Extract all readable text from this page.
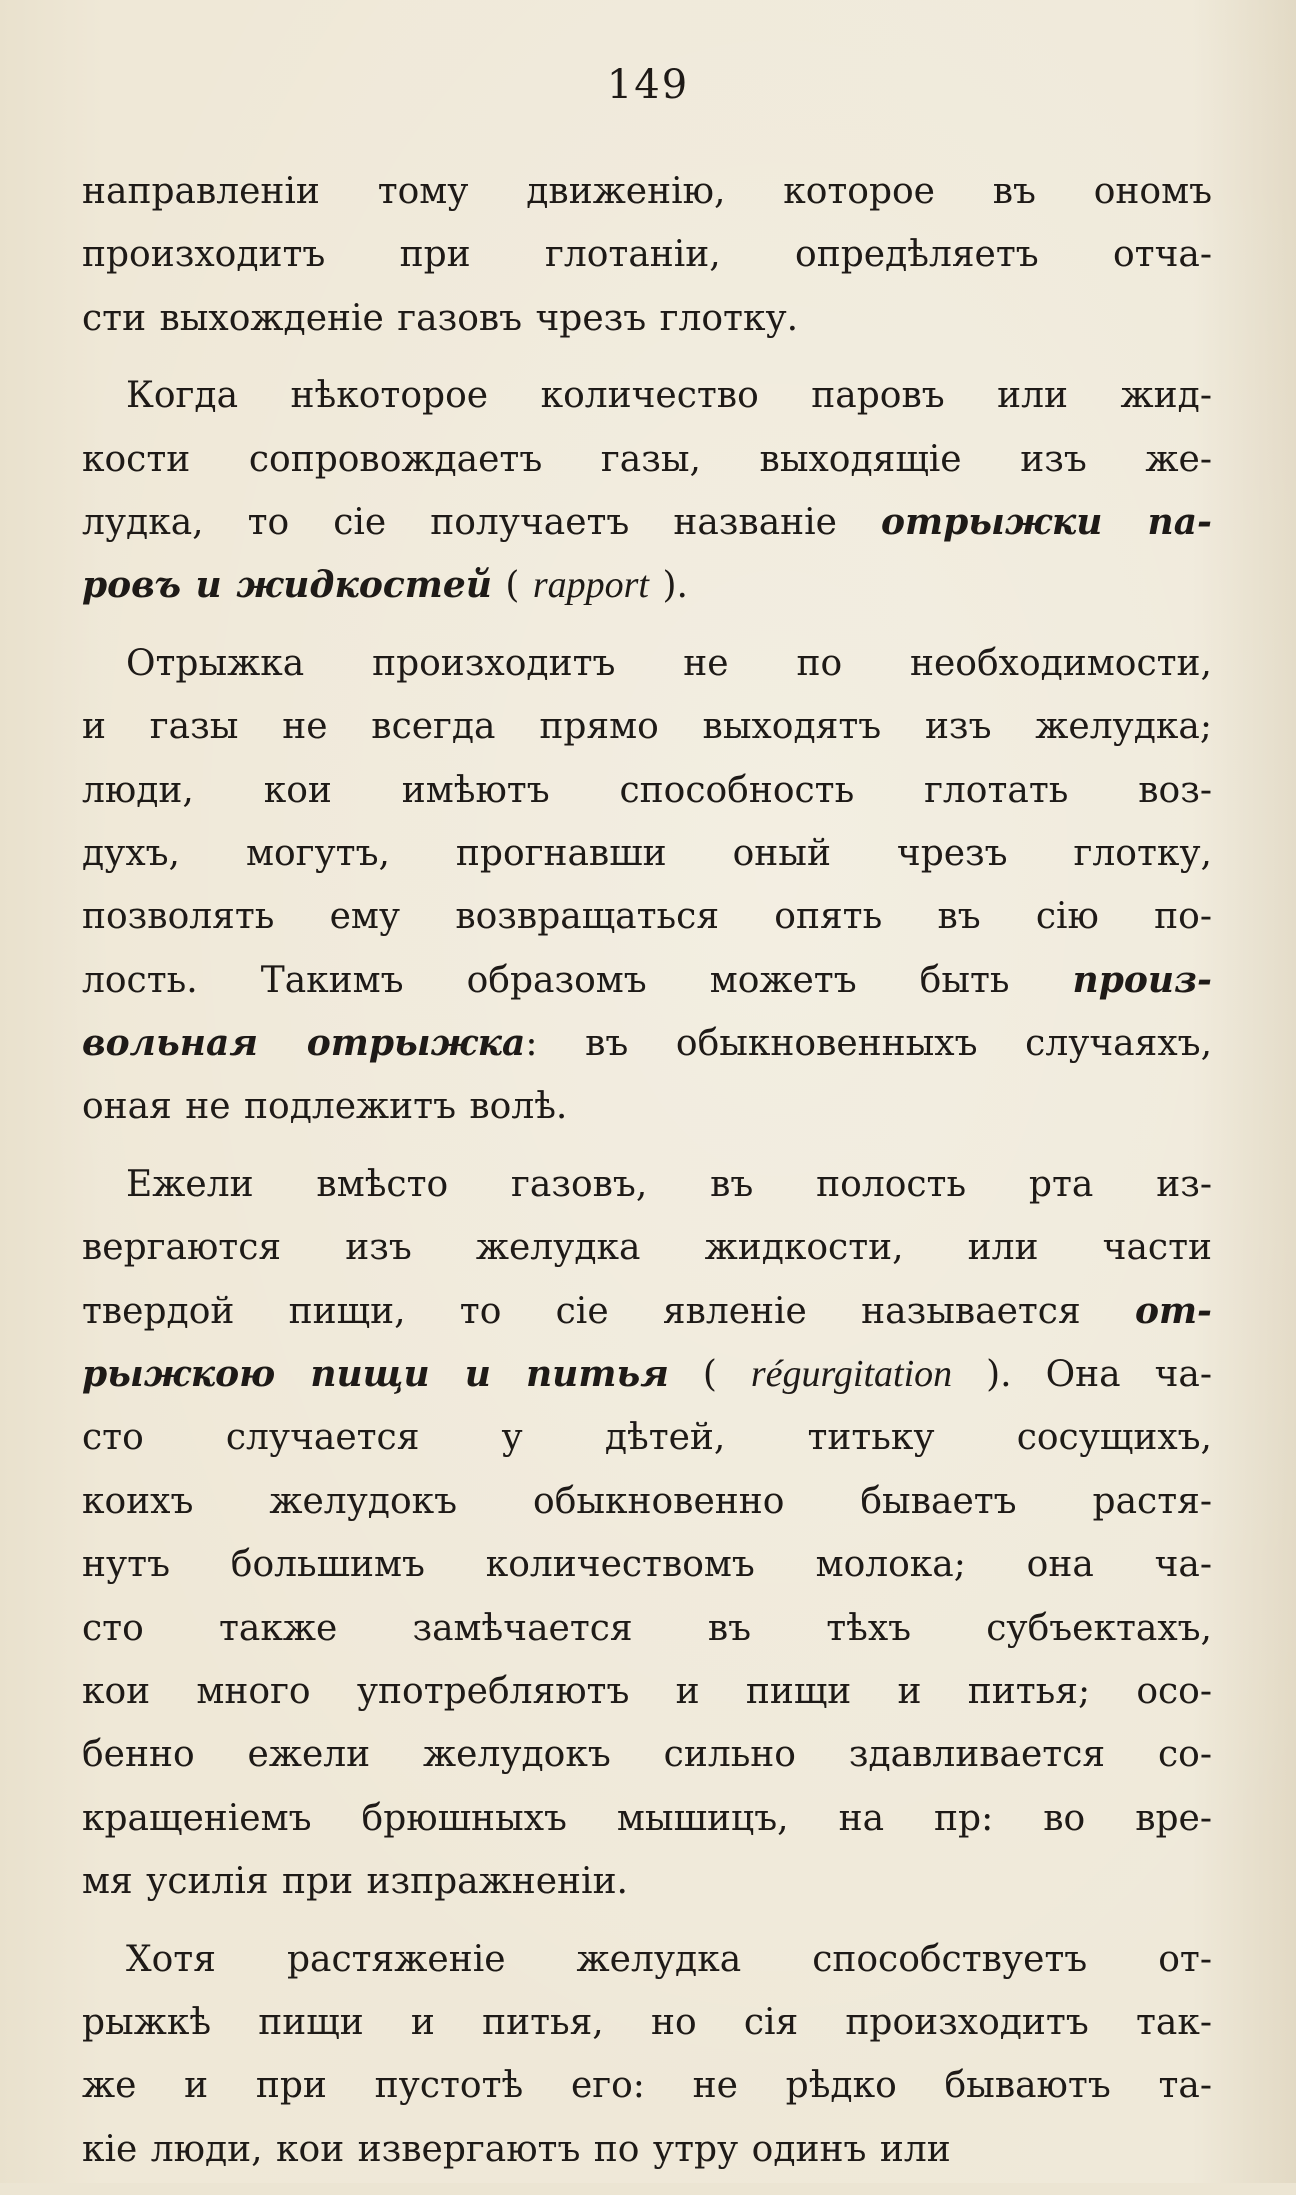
149
направленіи тому движенію, которое въ ономъ
произходитъ при глотаніи, опредѣляетъ отча-
сти выхожденіе газовъ чрезъ глотку.
Когда нѣкоторое количество паровъ или жид-
кости сопровождаетъ газы, выходящіе изъ же-
лудка, то сіе получаетъ названіе отрыжки па-
ровъ и жидкостей ( rapport ).
Отрыжка произходитъ не по необходимости,
и газы не всегда прямо выходятъ изъ желудка;
люди, кои имѣютъ способность глотать воз-
духъ, могутъ, прогнавши оный чрезъ глотку,
позволять ему возвращаться опять въ сію по-
лость. Такимъ образомъ можетъ быть произ-
вольная отрыжка: въ обыкновенныхъ случаяхъ,
оная не подлежитъ волѣ.
Ежели вмѣсто газовъ, въ полость рта из-
вергаются изъ желудка жидкости, или части
твердой пищи, то сіе явленіе называется от-
рыжкою пищи и питья ( régurgitation ). Она ча-
сто случается у дѣтей, титьку сосущихъ,
коихъ желудокъ обыкновенно бываетъ растя-
нутъ большимъ количествомъ молока; она ча-
сто также замѣчается въ тѣхъ субъектахъ,
кои много употребляютъ и пищи и питья; осо-
бенно ежели желудокъ сильно здавливается со-
кращеніемъ брюшныхъ мышицъ, на пр: во вре-
мя усилія при изпражненіи.
Хотя растяженіе желудка способствуетъ от-
рыжкѣ пищи и питья, но сія произходитъ так-
же и при пустотѣ его: не рѣдко бываютъ та-
кіе люди, кои извергаютъ по утру одинъ или
